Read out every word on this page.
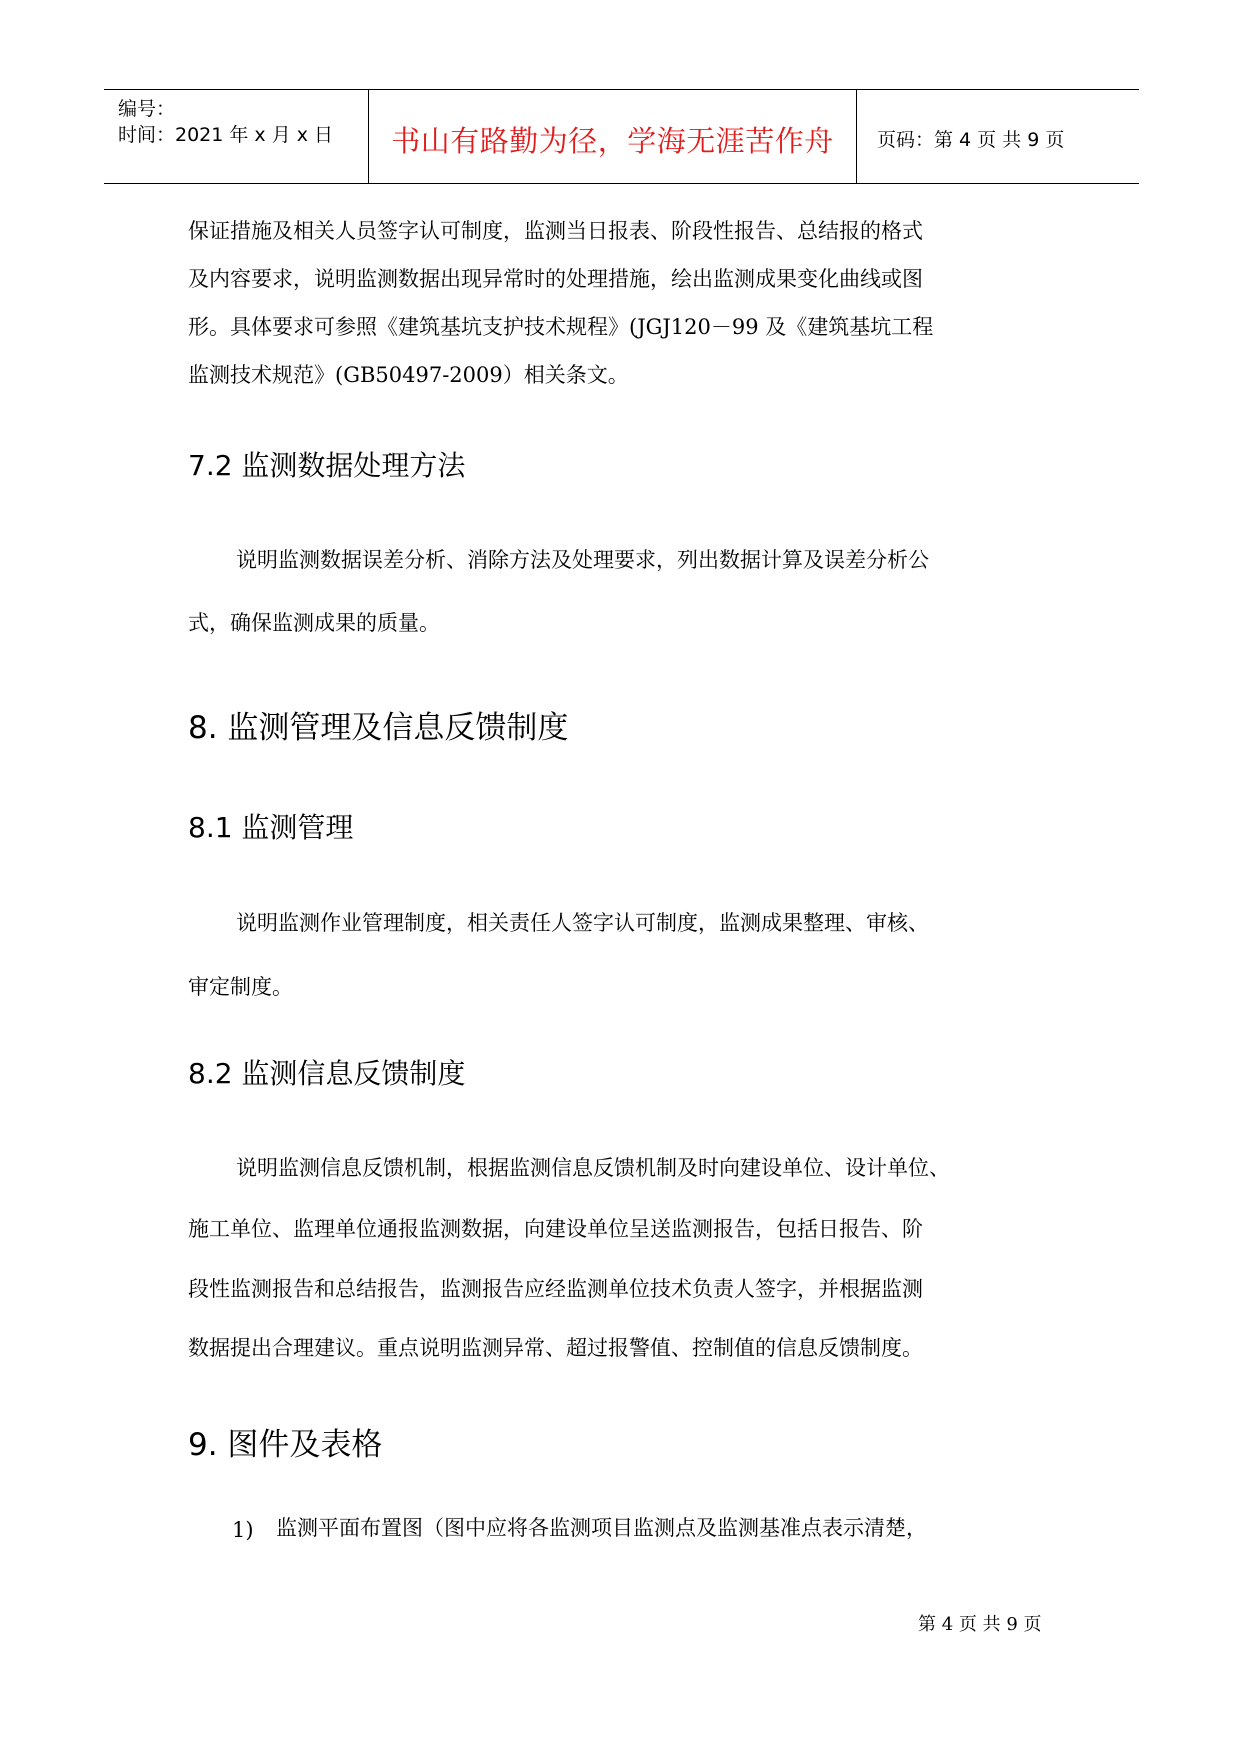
编号：
时间：2021 年 x 月 x 日	书山有路勤为径，学海无涯苦作舟	页码：第 4 页 共 9 页
保证措施及相关人员签字认可制度，监测当日报表、阶段性报告、总结报的格式
及内容要求，说明监测数据出现异常时的处理措施，绘出监测成果变化曲线或图
形。具体要求可参照《建筑基坑支护技术规程》(JGJ120－99 及《建筑基坑工程
监测技术规范》(GB50497-2009）相关条文。
7.2 监测数据处理方法
说明监测数据误差分析、消除方法及处理要求，列出数据计算及误差分析公
式，确保监测成果的质量。
8. 监测管理及信息反馈制度
8.1 监测管理
说明监测作业管理制度，相关责任人签字认可制度，监测成果整理、审核、
审定制度。
8.2 监测信息反馈制度
说明监测信息反馈机制，根据监测信息反馈机制及时向建设单位、设计单位、
施工单位、监理单位通报监测数据，向建设单位呈送监测报告，包括日报告、阶
段性监测报告和总结报告，监测报告应经监测单位技术负责人签字，并根据监测
数据提出合理建议。重点说明监测异常、超过报警值、控制值的信息反馈制度。
9. 图件及表格
1) 监测平面布置图（图中应将各监测项目监测点及监测基准点表示清楚，
第 4 页 共 9 页
